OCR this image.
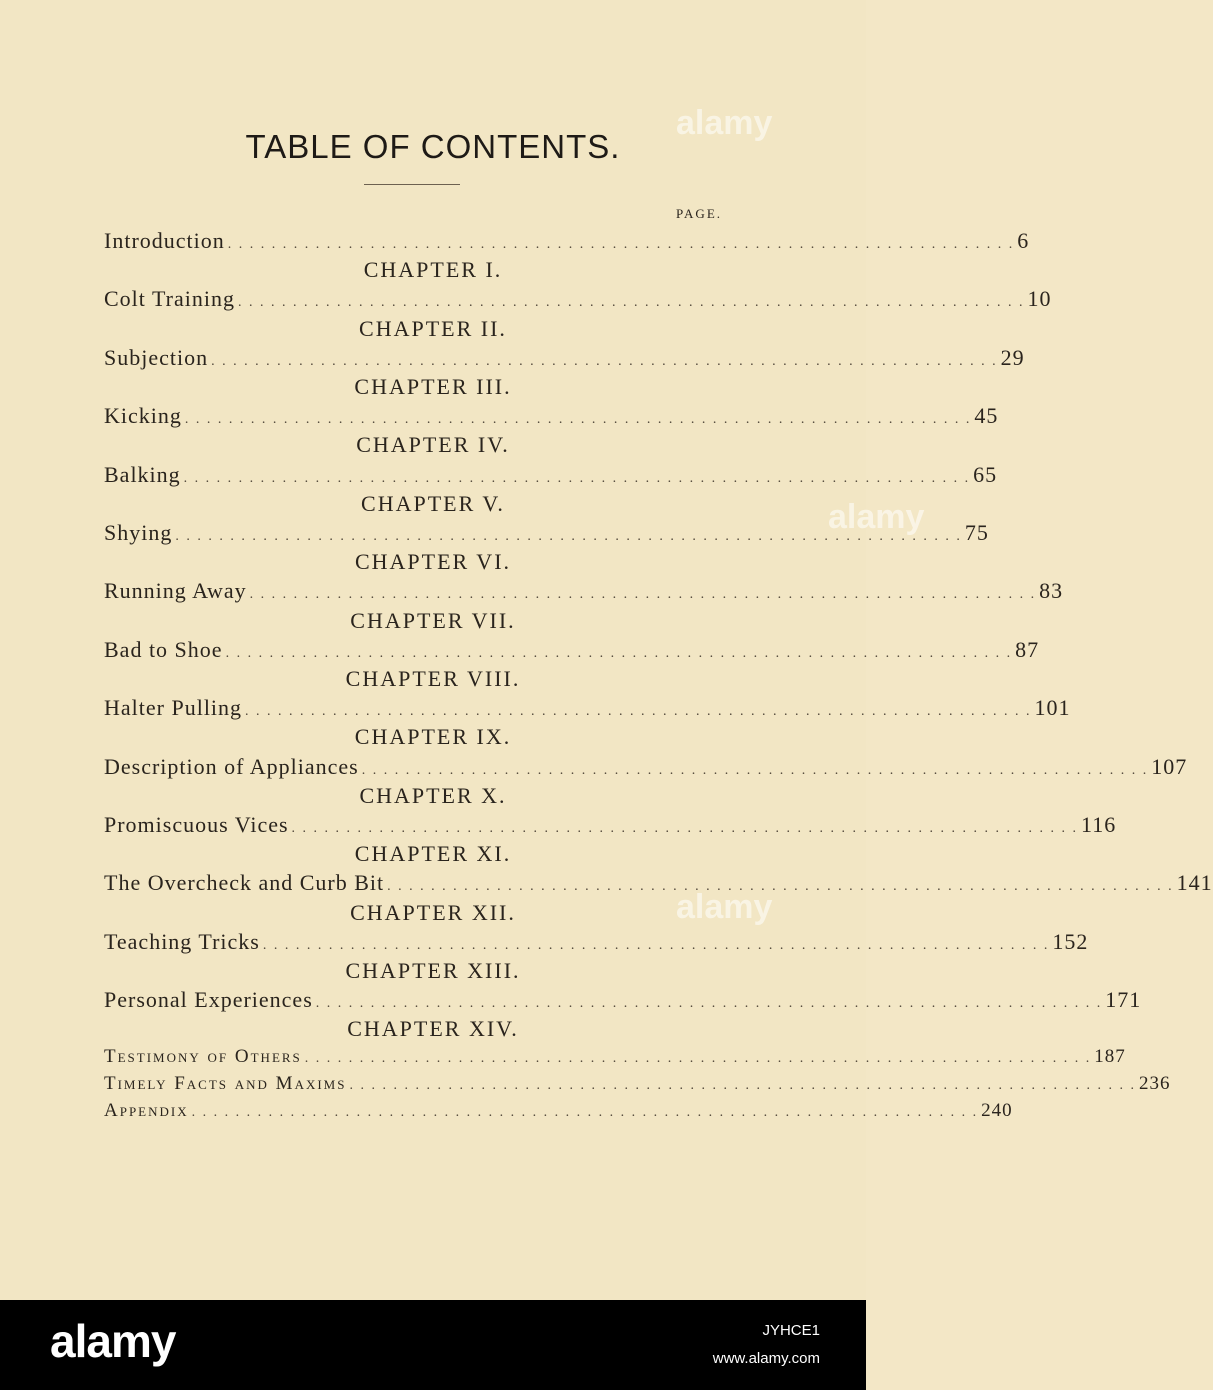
TABLE OF CONTENTS.
PAGE.
Introduction . . . . . . . . . . . . . . . . . . . . . . . . . . . . . . . . . . . . . . . . . . . . . . . . . . . . . . . . . . . . . . . . . . . . . . . . 6
CHAPTER I.
Colt Training . . . . . . . . . . . . . . . . . . . . . . . . . . . . . . . . . . . . . . . . . . . . . . . . . . . . . . . . . . . . . . . . . . . . . . . . 10
CHAPTER II.
Subjection . . . . . . . . . . . . . . . . . . . . . . . . . . . . . . . . . . . . . . . . . . . . . . . . . . . . . . . . . . . . . . . . . . . . . . . . 29
CHAPTER III.
Kicking . . . . . . . . . . . . . . . . . . . . . . . . . . . . . . . . . . . . . . . . . . . . . . . . . . . . . . . . . . . . . . . . . . . . . . . . 45
CHAPTER IV.
Balking . . . . . . . . . . . . . . . . . . . . . . . . . . . . . . . . . . . . . . . . . . . . . . . . . . . . . . . . . . . . . . . . . . . . . . . . 65
CHAPTER V.
Shying . . . . . . . . . . . . . . . . . . . . . . . . . . . . . . . . . . . . . . . . . . . . . . . . . . . . . . . . . . . . . . . . . . . . . . . . 75
CHAPTER VI.
Running Away . . . . . . . . . . . . . . . . . . . . . . . . . . . . . . . . . . . . . . . . . . . . . . . . . . . . . . . . . . . . . . . . . . . . . . . . 83
CHAPTER VII.
Bad to Shoe . . . . . . . . . . . . . . . . . . . . . . . . . . . . . . . . . . . . . . . . . . . . . . . . . . . . . . . . . . . . . . . . . . . . . . . . 87
CHAPTER VIII.
Halter Pulling . . . . . . . . . . . . . . . . . . . . . . . . . . . . . . . . . . . . . . . . . . . . . . . . . . . . . . . . . . . . . . . . . . . . . . . . 101
CHAPTER IX.
Description of Appliances . . . . . . . . . . . . . . . . . . . . . . . . . . . . . . . . . . . . . . . . . . . . . . . . . . . . . . . . . . . . . . . . . . . . . . . . 107
CHAPTER X.
Promiscuous Vices . . . . . . . . . . . . . . . . . . . . . . . . . . . . . . . . . . . . . . . . . . . . . . . . . . . . . . . . . . . . . . . . . . . . . . . . 116
CHAPTER XI.
The Overcheck and Curb Bit . . . . . . . . . . . . . . . . . . . . . . . . . . . . . . . . . . . . . . . . . . . . . . . . . . . . . . . . . . . . . . . . . . . . . . . . 141
CHAPTER XII.
Teaching Tricks . . . . . . . . . . . . . . . . . . . . . . . . . . . . . . . . . . . . . . . . . . . . . . . . . . . . . . . . . . . . . . . . . . . . . . . . 152
CHAPTER XIII.
Personal Experiences . . . . . . . . . . . . . . . . . . . . . . . . . . . . . . . . . . . . . . . . . . . . . . . . . . . . . . . . . . . . . . . . . . . . . . . . 171
CHAPTER XIV.
Testimony of Others . . . . . . . . . . . . . . . . . . . . . . . . . . . . . . . . . . . . . . . . . . . . . . . . . . . . . . . . . . . . . . . . . . . . . . . . 187
Timely Facts and Maxims . . . . . . . . . . . . . . . . . . . . . . . . . . . . . . . . . . . . . . . . . . . . . . . . . . . . . . . . . . . . . . . . . . . . . . . . 236
Appendix . . . . . . . . . . . . . . . . . . . . . . . . . . . . . . . . . . . . . . . . . . . . . . . . . . . . . . . . . . . . . . . . . . . . . . . . 240
alamy
alamy
alamy
alamy	JYHCE1
www.alamy.com
